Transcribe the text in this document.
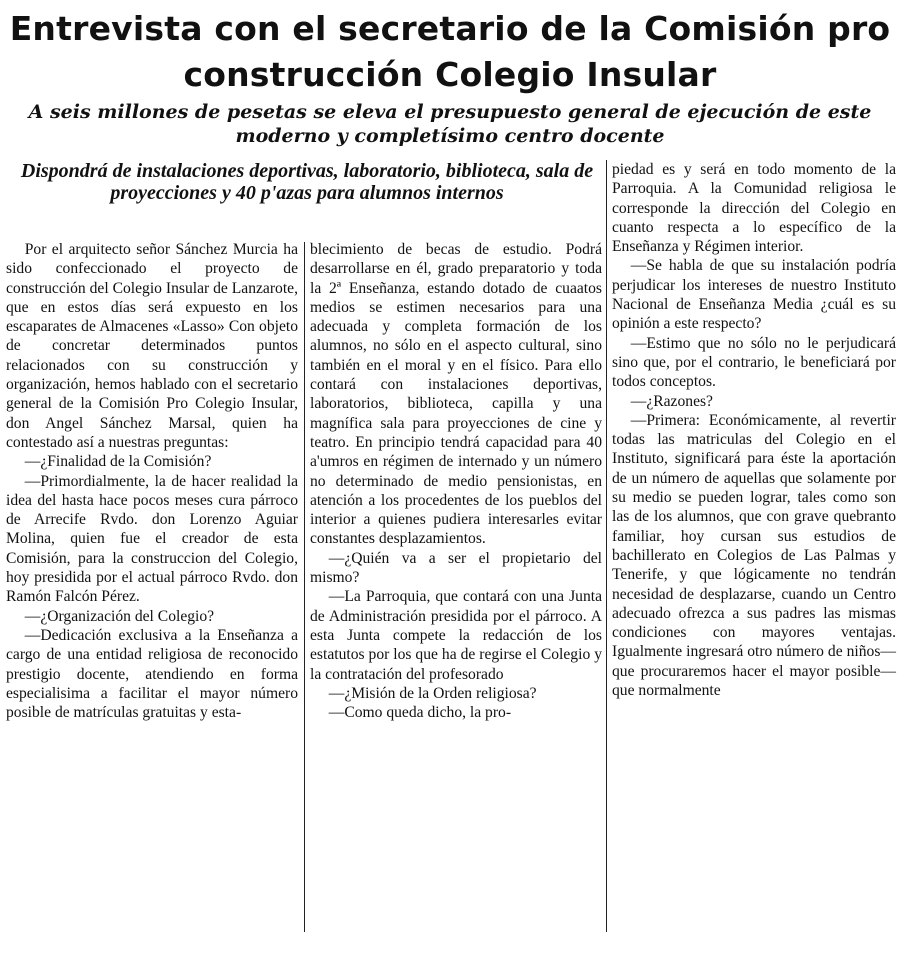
Entrevista con el secretario de la Comisión pro construcción Colegio Insular
A seis millones de pesetas se eleva el presupuesto general de ejecución de este moderno y completísimo centro docente
Dispondrá de instalaciones deportivas, laboratorio, biblioteca, sala de proyecciones y 40 p'azas para alumnos internos

Por el arquitecto señor Sánchez Murcia ha sido confeccionado el proyecto de construcción del Colegio Insular de Lanzarote, que en estos días será expuesto en los escaparates de Almacenes «Lasso» Con objeto de concretar determinados puntos relacionados con su construcción y organización, hemos hablado con el secretario general de la Comisión Pro Colegio Insular, don Angel Sánchez Marsal, quien ha contestado así a nuestras preguntas:

—¿Finalidad de la Comisión?

—Primordialmente, la de hacer realidad la idea del hasta hace pocos meses cura párroco de Arrecife Rvdo. don Lorenzo Aguiar Molina, quien fue el creador de esta Comisión, para la construccion del Colegio, hoy presidida por el actual párroco Rvdo. don Ramón Falcón Pérez.

—¿Organización del Colegio?

—Dedicación exclusiva a la Enseñanza a cargo de una entidad religiosa de reconocido prestigio docente, atendiendo en forma especialisima a facilitar el mayor número posible de matrículas gratuitas y esta-

blecimiento de becas de estudio. Podrá desarrollarse en él, grado preparatorio y toda la 2ª Enseñanza, estando dotado de cuaatos medios se estimen necesarios para una adecuada y completa formación de los alumnos, no sólo en el aspecto cultural, sino también en el moral y en el físico. Para ello contará con instalaciones deportivas, laboratorios, biblioteca, capilla y una magnífica sala para proyecciones de cine y teatro. En principio tendrá capacidad para 40 a'umros en régimen de internado y un número no determinado de medio pensionistas, en atención a los procedentes de los pueblos del interior a quienes pudiera interesarles evitar constantes desplazamientos.

—¿Quién va a ser el propietario del mismo?

—La Parroquia, que contará con una Junta de Administración presidida por el párroco. A esta Junta compete la redacción de los estatutos por los que ha de regirse el Colegio y la contratación del profesorado

—¿Misión de la Orden religiosa?

—Como queda dicho, la pro-

piedad es y será en todo momento de la Parroquia. A la Comunidad religiosa le corresponde la dirección del Colegio en cuanto respecta a lo específico de la Enseñanza y Régimen interior.

—Se habla de que su instalación podría perjudicar los intereses de nuestro Instituto Nacional de Enseñanza Media ¿cuál es su opinión a este respecto?

—Estimo que no sólo no le perjudicará sino que, por el contrario, le beneficiará por todos conceptos.

—¿Razones?

—Primera: Económicamente, al revertir todas las matriculas del Colegio en el Instituto, significará para éste la aportación de un número de aquellas que solamente por su medio se pueden lograr, tales como son las de los alumnos, que con grave quebranto familiar, hoy cursan sus estudios de bachillerato en Colegios de Las Palmas y Tenerife, y que lógicamente no tendrán necesidad de desplazarse, cuando un Centro adecuado ofrezca a sus padres las mismas condiciones con mayores ventajas. Igualmente ingresará otro número de niños—que procuraremos hacer el mayor posible—que normalmente
